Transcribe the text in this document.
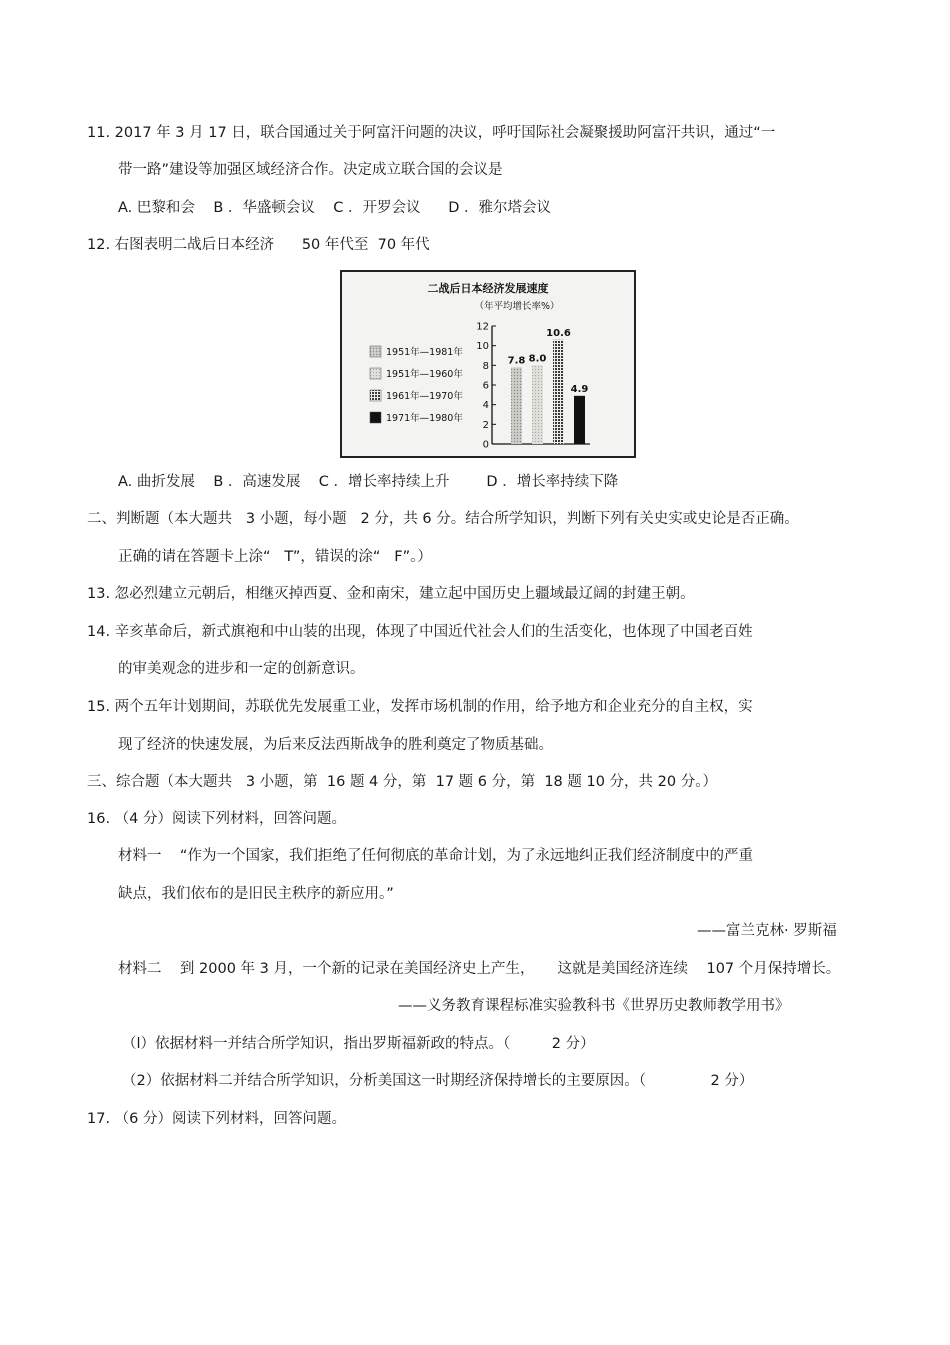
11. 2017 年 3 月 17 日，联合国通过关于阿富汗问题的决议，呼吁国际社会凝聚援助阿富汗共识，通过“一
带一路”建设等加强区域经济合作。决定成立联合国的会议是
A. 巴黎和会    B ．华盛顿会议    C ．开罗会议      D ．雅尔塔会议
12. 右图表明二战后日本经济      50 年代至  70 年代
二战后日本经济发展速度
（年平均增长率%）
0
2
4
6
8
10
12
7.8 8.0
10.6
4.9
1951年—1981年
1951年—1960年
1961年—1970年
1971年—1980年
A. 曲折发展    B ．高速发展    C ．增长率持续上升        D ．增长率持续下降
二、判断题（本大题共   3 小题，每小题   2 分，共 6 分。结合所学知识，判断下列有关史实或史论是否正确。
正确的请在答题卡上涂“   T”，错误的涂“   F”。）
13. 忽必烈建立元朝后，相继灭掉西夏、金和南宋，建立起中国历史上疆域最辽阔的封建王朝。
14. 辛亥革命后，新式旗袍和中山装的出现，体现了中国近代社会人们的生活变化，也体现了中国老百姓
的审美观念的进步和一定的创新意识。
15. 两个五年计划期间，苏联优先发展重工业，发挥市场机制的作用，给予地方和企业充分的自主权，实
现了经济的快速发展，为后来反法西斯战争的胜利奠定了物质基础。
三、综合题（本大题共   3 小题，第  16 题 4 分，第  17 题 6 分，第  18 题 10 分，共 20 分。）
16. （4 分）阅读下列材料，回答问题。
材料一    “作为一个国家，我们拒绝了任何彻底的革命计划，为了永远地纠正我们经济制度中的严重
缺点，我们依布的是旧民主秩序的新应用。”
——富兰克林· 罗斯福
材料二    到 2000 年 3 月，一个新的记录在美国经济史上产生，     这就是美国经济连续    107 个月保持增长。
——义务教育课程标准实验教科书《世界历史教师教学用书》
（l）依据材料一并结合所学知识，指出罗斯福新政的特点。（         2 分）
（2）依据材料二并结合所学知识，分析美国这一时期经济保持增长的主要原因。（              2 分）
17. （6 分）阅读下列材料，回答问题。
